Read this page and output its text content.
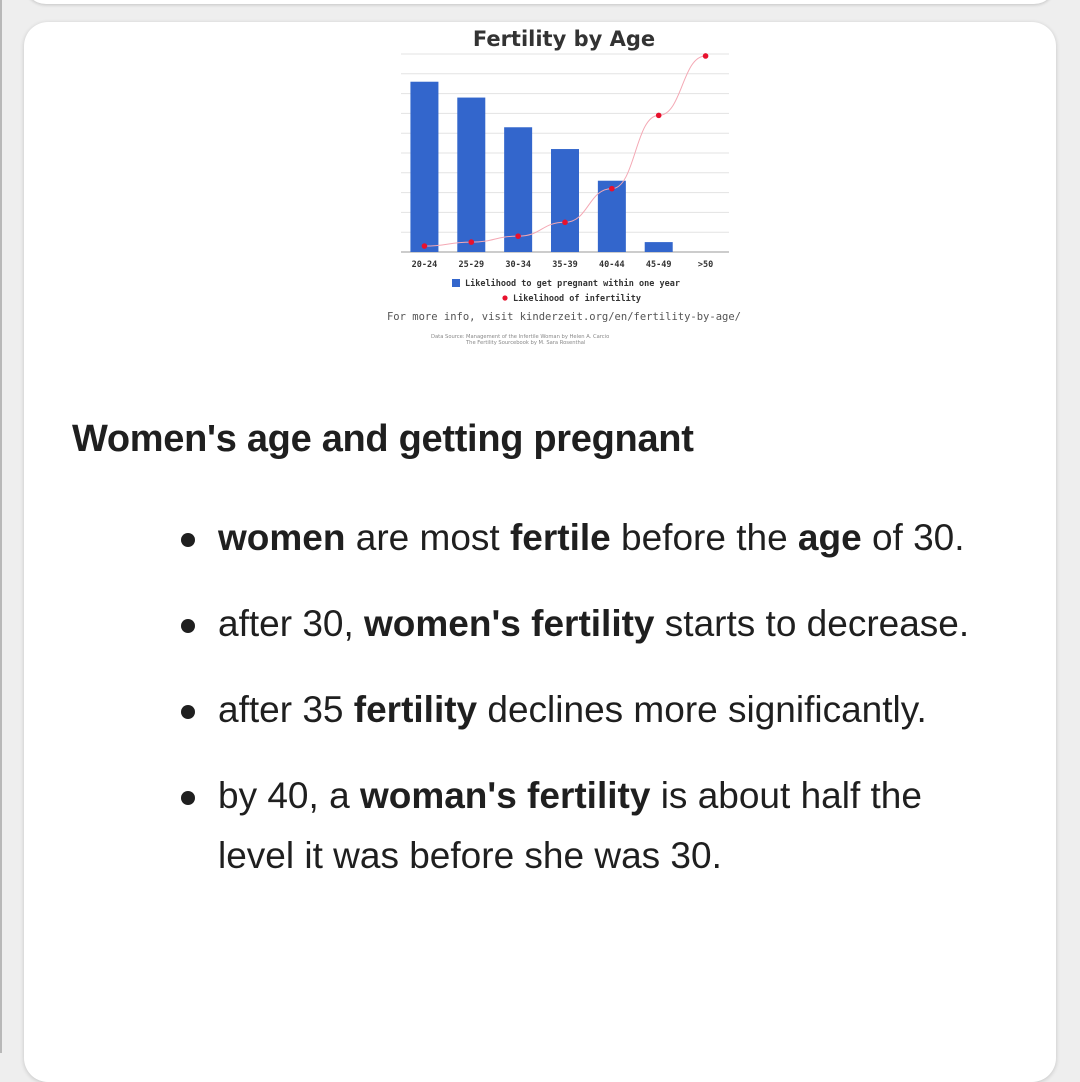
Fertility by Age
20-24	25-29	30-34	35-39	40-44	45-49	>50
Likelihood to get pregnant within one year
Likelihood of infertility
For more info, visit kinderzeit.org/en/fertility-by-age/
Data Source: Management of the Infertile Woman by Helen A. Carcio
The Fertility Sourcebook by M. Sara Rosenthal
Women's age and getting pregnant
women are most fertile before the age of 30.
after 30, women's fertility starts to decrease.
after 35 fertility declines more significantly.
by 40, a woman's fertility is about half the level it was before she was 30.
